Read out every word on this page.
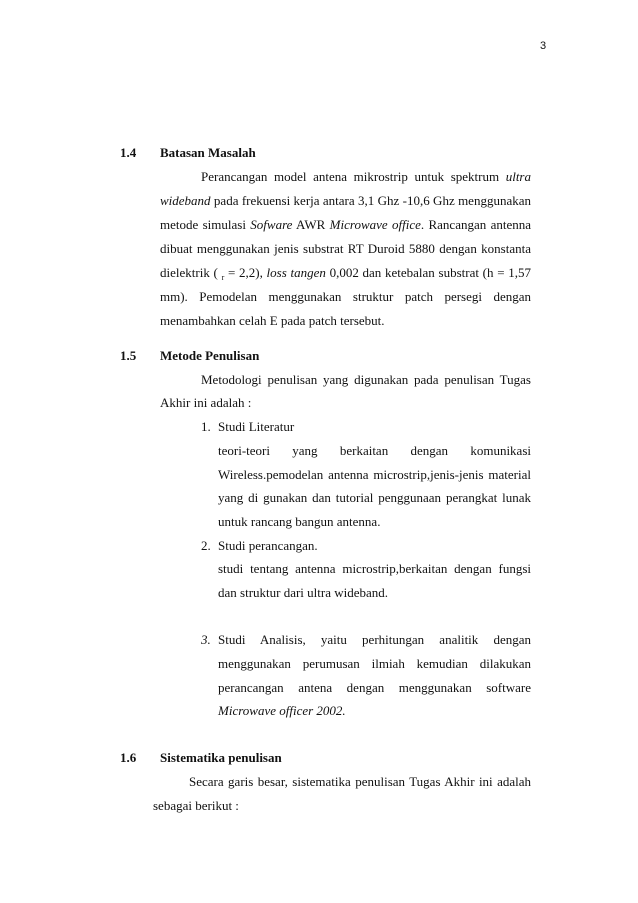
3
1.4 Batasan Masalah
Perancangan model antena mikrostrip untuk spektrum ultra
wideband pada frekuensi kerja antara 3,1 Ghz -10,6 Ghz menggunakan
metode simulasi Sofware AWR Microwave office. Rancangan antenna
dibuat menggunakan jenis substrat RT Duroid 5880 dengan konstanta
dielektrik ( $_r$ = 2,2), loss tangen 0,002 dan ketebalan substrat (h = 1,57
mm). Pemodelan menggunakan struktur patch persegi dengan
menambahkan celah E pada patch tersebut.
1.5 Metode Penulisan
Metodologi penulisan yang digunakan pada penulisan Tugas
Akhir ini adalah :
1. Studi Literatur
teori-teori yang berkaitan dengan komunikasi
Wireless.pemodelan antenna microstrip,jenis-jenis material
yang di gunakan dan tutorial penggunaan perangkat lunak
untuk rancang bangun antenna.
2. Studi perancangan.
studi tentang antenna microstrip,berkaitan dengan fungsi
dan struktur dari ultra wideband.
3. Studi Analisis, yaitu perhitungan analitik dengan
menggunakan perumusan ilmiah kemudian dilakukan
perancangan antena dengan menggunakan software
Microwave officer 2002.
1.6 Sistematika penulisan
Secara garis besar, sistematika penulisan Tugas Akhir ini adalah
sebagai berikut :
